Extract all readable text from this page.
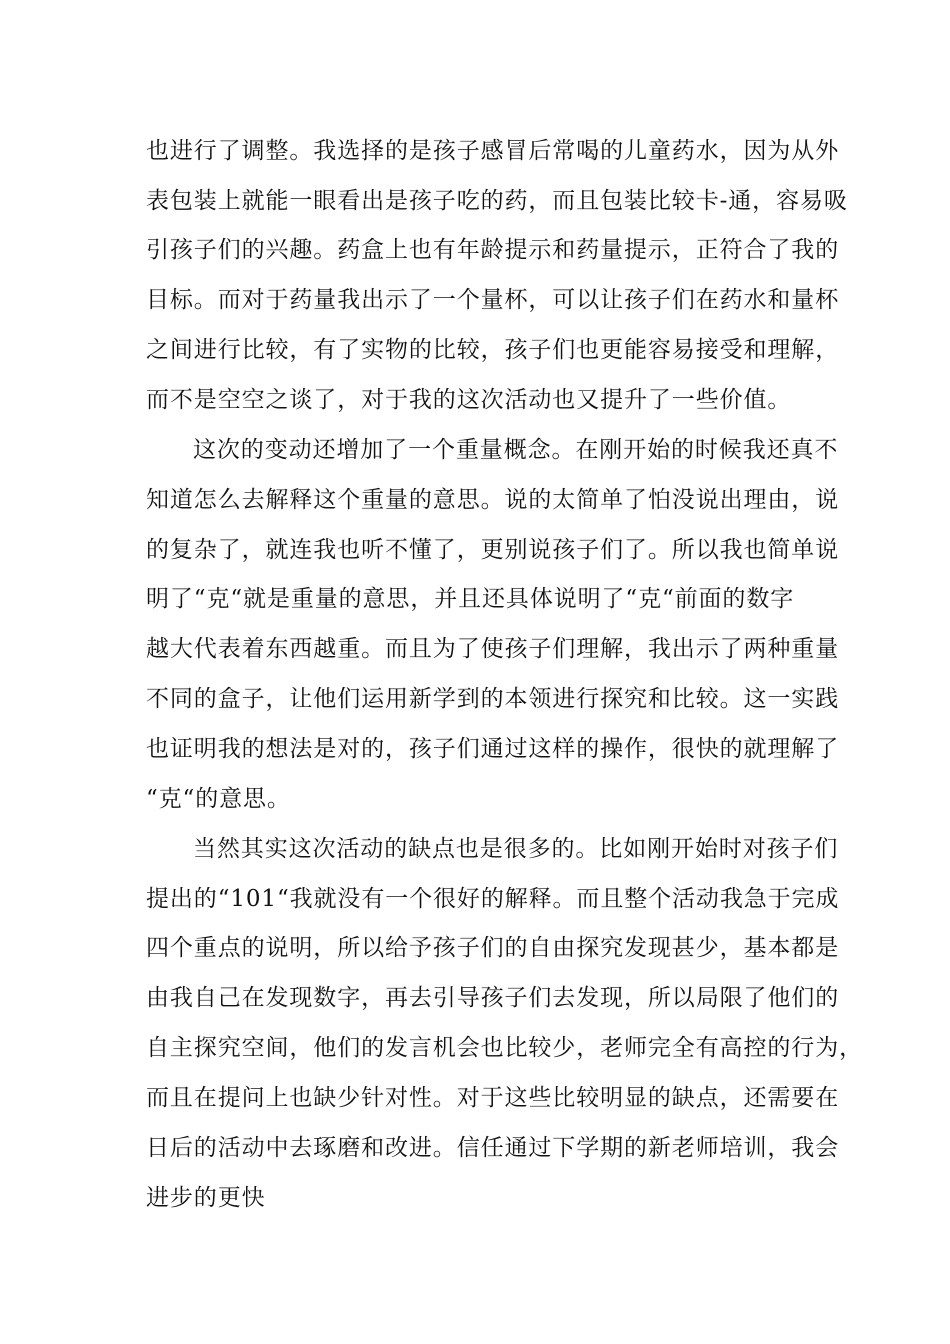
也进行了调整。我选择的是孩子感冒后常喝的儿童药水，因为从外

表包装上就能一眼看出是孩子吃的药，而且包装比较卡-通，容易吸

引孩子们的兴趣。药盒上也有年龄提示和药量提示，正符合了我的

目标。而对于药量我出示了一个量杯，可以让孩子们在药水和量杯

之间进行比较，有了实物的比较，孩子们也更能容易接受和理解，

而不是空空之谈了，对于我的这次活动也又提升了一些价值。

这次的变动还增加了一个重量概念。在刚开始的时候我还真不

知道怎么去解释这个重量的意思。说的太简单了怕没说出理由，说

的复杂了，就连我也听不懂了，更别说孩子们了。所以我也简单说

明了“克“就是重量的意思，并且还具体说明了“克“前面的数字

越大代表着东西越重。而且为了使孩子们理解，我出示了两种重量

不同的盒子，让他们运用新学到的本领进行探究和比较。这一实践

也证明我的想法是对的，孩子们通过这样的操作，很快的就理解了

“克“的意思。

当然其实这次活动的缺点也是很多的。比如刚开始时对孩子们

提出的“101“我就没有一个很好的解释。而且整个活动我急于完成

四个重点的说明，所以给予孩子们的自由探究发现甚少，基本都是

由我自己在发现数字，再去引导孩子们去发现，所以局限了他们的

自主探究空间，他们的发言机会也比较少，老师完全有高控的行为，

而且在提问上也缺少针对性。对于这些比较明显的缺点，还需要在

日后的活动中去琢磨和改进。信任通过下学期的新老师培训，我会

进步的更快
